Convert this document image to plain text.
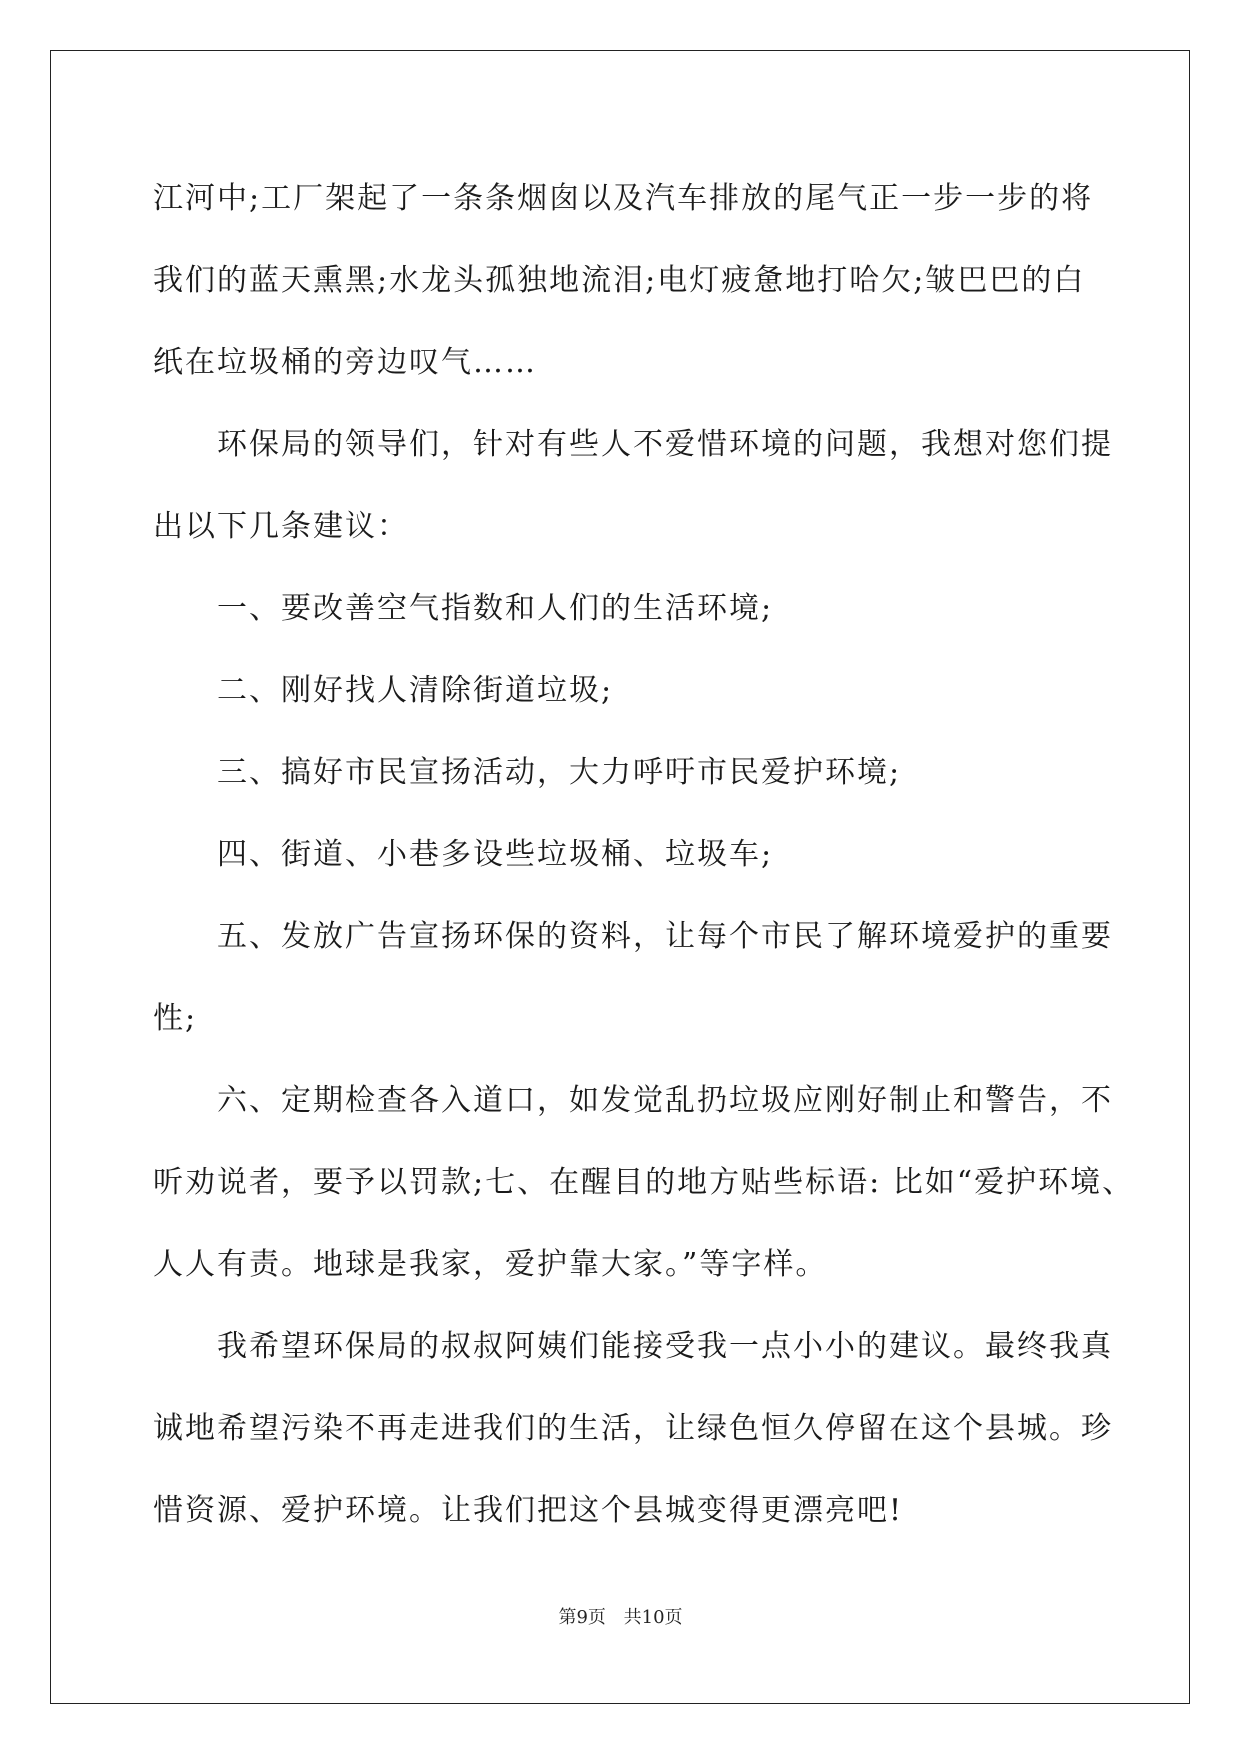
江河中;工厂架起了一条条烟囱以及汽车排放的尾气正一步一步的将
我们的蓝天熏黑;水龙头孤独地流泪;电灯疲惫地打哈欠;皱巴巴的白
纸在垃圾桶的旁边叹气……
　　环保局的领导们，针对有些人不爱惜环境的问题，我想对您们提
出以下几条建议：
　　一、要改善空气指数和人们的生活环境;
　　二、刚好找人清除街道垃圾;
　　三、搞好市民宣扬活动，大力呼吁市民爱护环境;
　　四、街道、小巷多设些垃圾桶、垃圾车;
　　五、发放广告宣扬环保的资料，让每个市民了解环境爱护的重要
性;
　　六、定期检查各入道口，如发觉乱扔垃圾应刚好制止和警告，不
听劝说者，要予以罚款;七、在醒目的地方贴些标语: 比如“爱护环境、
人人有责。地球是我家，爱护靠大家。”等字样。
　　我希望环保局的叔叔阿姨们能接受我一点小小的建议。最终我真
诚地希望污染不再走进我们的生活，让绿色恒久停留在这个县城。珍
惜资源、爱护环境。让我们把这个县城变得更漂亮吧!
第9页 共10页
